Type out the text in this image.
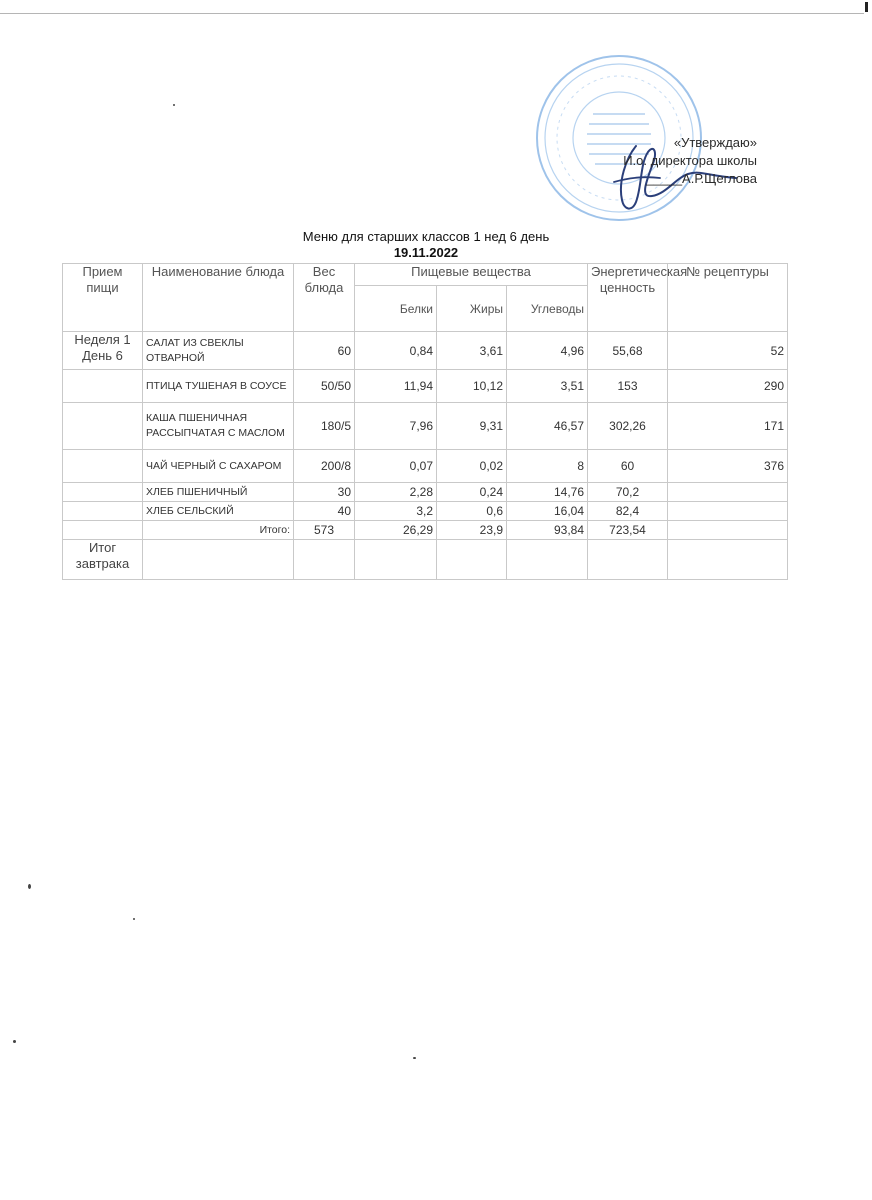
«Утверждаю»
И.о. директора школы
_____А.Р.Щеглова
Меню для старших классов 1 нед 6 день
19.11.2022
Прием пищи	Наименование блюда	Вес блюда	Пищевые вещества			Энергетическая ценность	№ рецептуры
			Белки	Жиры	Углеводы		
Неделя 1 День 6	САЛАТ ИЗ СВЕКЛЫ ОТВАРНОЙ	60	0,84	3,61	4,96	55,68	52
	ПТИЦА ТУШЕНАЯ В СОУСЕ	50/50	11,94	10,12	3,51	153	290
	КАША ПШЕНИЧНАЯ РАССЫПЧАТАЯ С МАСЛОМ	180/5	7,96	9,31	46,57	302,26	171
	ЧАЙ ЧЕРНЫЙ С САХАРОМ	200/8	0,07	0,02	8	60	376
	ХЛЕБ ПШЕНИЧНЫЙ	30	2,28	0,24	14,76	70,2	
	ХЛЕБ СЕЛЬСКИЙ	40	3,2	0,6	16,04	82,4	
	Итого:	573	26,29	23,9	93,84	723,54	
Итог завтрака							
